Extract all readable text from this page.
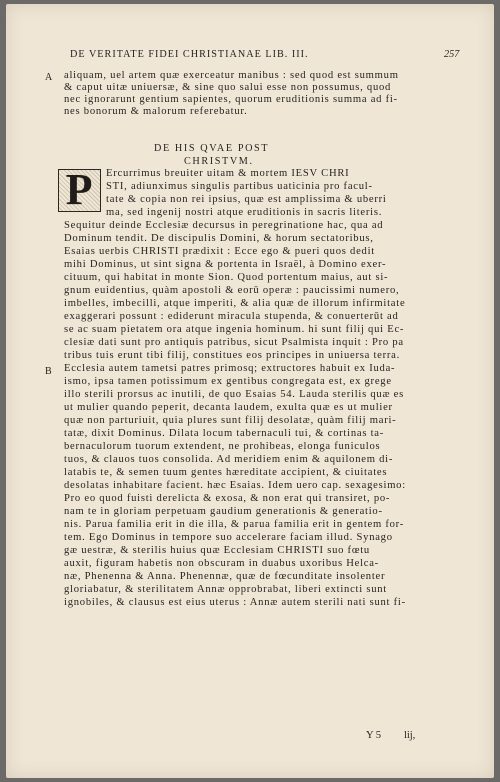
DE VERITATE FIDEI CHRISTIANAE LIB. III.	257
A aliquam, uel artem quæ exerceatur manibus : sed quod est summum
& caput uitæ uniuersæ, & sine quo salui esse non possumus, quod
nec ignorarunt gentium sapientes, quorum eruditionis summa ad fi-
nes bonorum & malorum referebatur.
DE HIS QVAE POST
CHRISTVM.
P	Ercurrimus breuiter uitam & mortem IESV CHRI
STI, adiunximus singulis partibus uaticinia pro facul-
tate & copia non rei ipsius, quæ est amplissima & uberri
ma, sed ingenij nostri atque eruditionis in sacris literis.
Sequitur deinde Ecclesiæ decursus in peregrinatione hac, qua ad
Dominum tendit. De discipulis Domini, & horum sectatoribus,
Esaias uerbis CHRISTI prædixit : Ecce ego & pueri quos dedit
mihi Dominus, ut sint signa & portenta in Israël, à Domino exer-
cituum, qui habitat in monte Sion. Quod portentum maius, aut si-
gnum euidentius, quàm apostoli & eorū operæ : paucissimi numero,
imbelles, imbecilli, atque imperiti, & alia quæ de illorum infirmitate
exaggerari possunt : ediderunt miracula stupenda, & conuerterūt ad
se ac suam pietatem ora atque ingenia hominum. hi sunt filij qui Ec-
clesiæ dati sunt pro antiquis patribus, sicut Psalmista inquit : Pro pa
tribus tuis erunt tibi filij, constitues eos principes in uniuersa terra.
B Ecclesia autem tametsi patres primosq; extructores habuit ex Iuda-
ismo, ipsa tamen potissimum ex gentibus congregata est, ex grege
illo sterili prorsus ac inutili, de quo Esaias 54. Lauda sterilis quæ es
ut mulier quando peperit, decanta laudem, exulta quæ es ut mulier
quæ non parturiuit, quia plures sunt filij desolatæ, quàm filij mari-
tatæ, dixit Dominus. Dilata locum tabernaculi tui, & cortinas ta-
bernaculorum tuorum extendent, ne prohibeas, elonga funiculos
tuos, & clauos tuos consolida. Ad meridiem enim & aquilonem di-
latabis te, & semen tuum gentes hæreditate accipient, & ciuitates
desolatas inhabitare facient. hæc Esaias. Idem uero cap. sexagesimo:
Pro eo quod fuisti derelicta & exosa, & non erat qui transiret, po-
nam te in gloriam perpetuam gaudium generationis & generatio-
nis. Parua familia erit in die illa, & parua familia erit in gentem for-
tem. Ego Dominus in tempore suo accelerare faciam illud. Synago
gæ uestræ, & sterilis huius quæ Ecclesiam CHRISTI suo fœtu
auxit, figuram habetis non obscuram in duabus uxoribus Helca-
næ, Phenenna & Anna. Phenennæ, quæ de fœcunditate insolenter
gloriabatur, & sterilitatem Annæ opprobrabat, liberi extincti sunt
ignobiles, & clausus est eius uterus : Annæ autem sterili nati sunt fi-
Y 5 lij,
